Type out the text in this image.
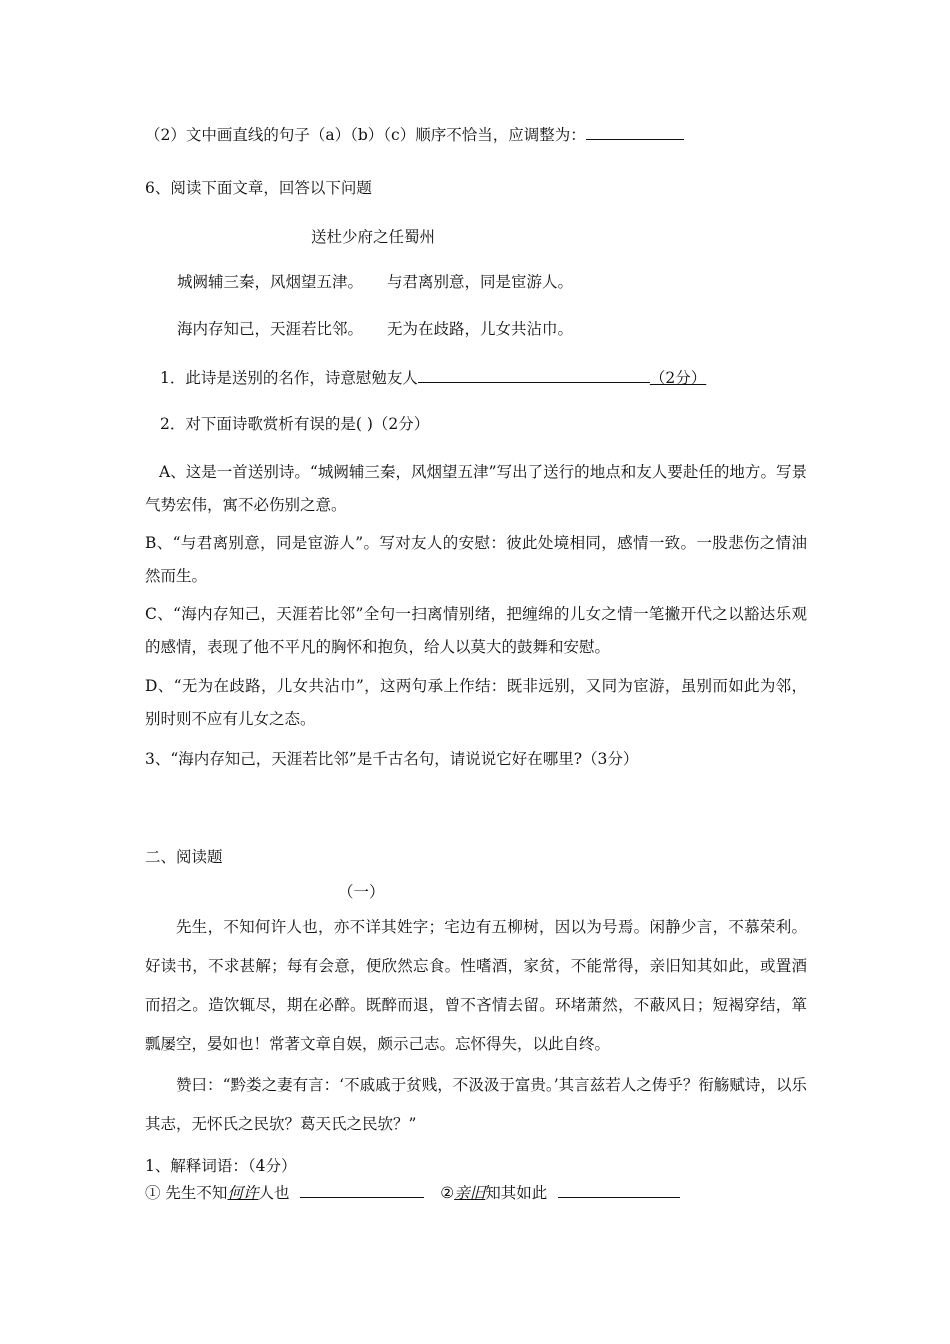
（2）文中画直线的句子（a）（b）（c）顺序不恰当，应调整为：
6、阅读下面文章，回答以下问题
送杜少府之任蜀州
城阙辅三秦，风烟望五津。 与君离别意，同是宦游人。
海内存知己，天涯若比邻。 无为在歧路，儿女共沾巾。
1．此诗是送别的名作，诗意慰勉友人	（2分）
2．对下面诗歌赏析有误的是( )（2分）
A、这是一首送别诗。“城阙辅三秦，风烟望五津”写出了送行的地点和友人要赴任的地方。写景气势宏伟，寓不必伤别之意。
B、“与君离别意，同是宦游人”。写对友人的安慰：彼此处境相同，感情一致。一股悲伤之情油然而生。
C、“海内存知己，天涯若比邻”全句一扫离情别绪，把缠绵的儿女之情一笔撇开代之以豁达乐观的感情，表现了他不平凡的胸怀和抱负，给人以莫大的鼓舞和安慰。
D、“无为在歧路，儿女共沾巾”，这两句承上作结：既非远别，又同为宦游，虽别而如此为邻，别时则不应有儿女之态。
3、“海内存知己，天涯若比邻”是千古名句，请说说它好在哪里?（3分）
二、阅读题
（一）
先生，不知何许人也，亦不详其姓字；宅边有五柳树，因以为号焉。闲静少言，不慕荣利。好读书，不求甚解；每有会意，便欣然忘食。性嗜酒，家贫，不能常得，亲旧知其如此，或置酒而招之。造饮辄尽，期在必醉。既醉而退，曾不吝情去留。环堵萧然，不蔽风日；短褐穿结，箪瓢屡空，晏如也！常著文章自娱，颇示己志。忘怀得失，以此自终。
赞曰：“黔娄之妻有言：‘不戚戚于贫贱，不汲汲于富贵。’其言兹若人之俦乎？衔觞赋诗，以乐其志，无怀氏之民欤？葛天氏之民欤？”
1、解释词语：（4分）
① 先生不知何许人也	②亲旧知其如此
